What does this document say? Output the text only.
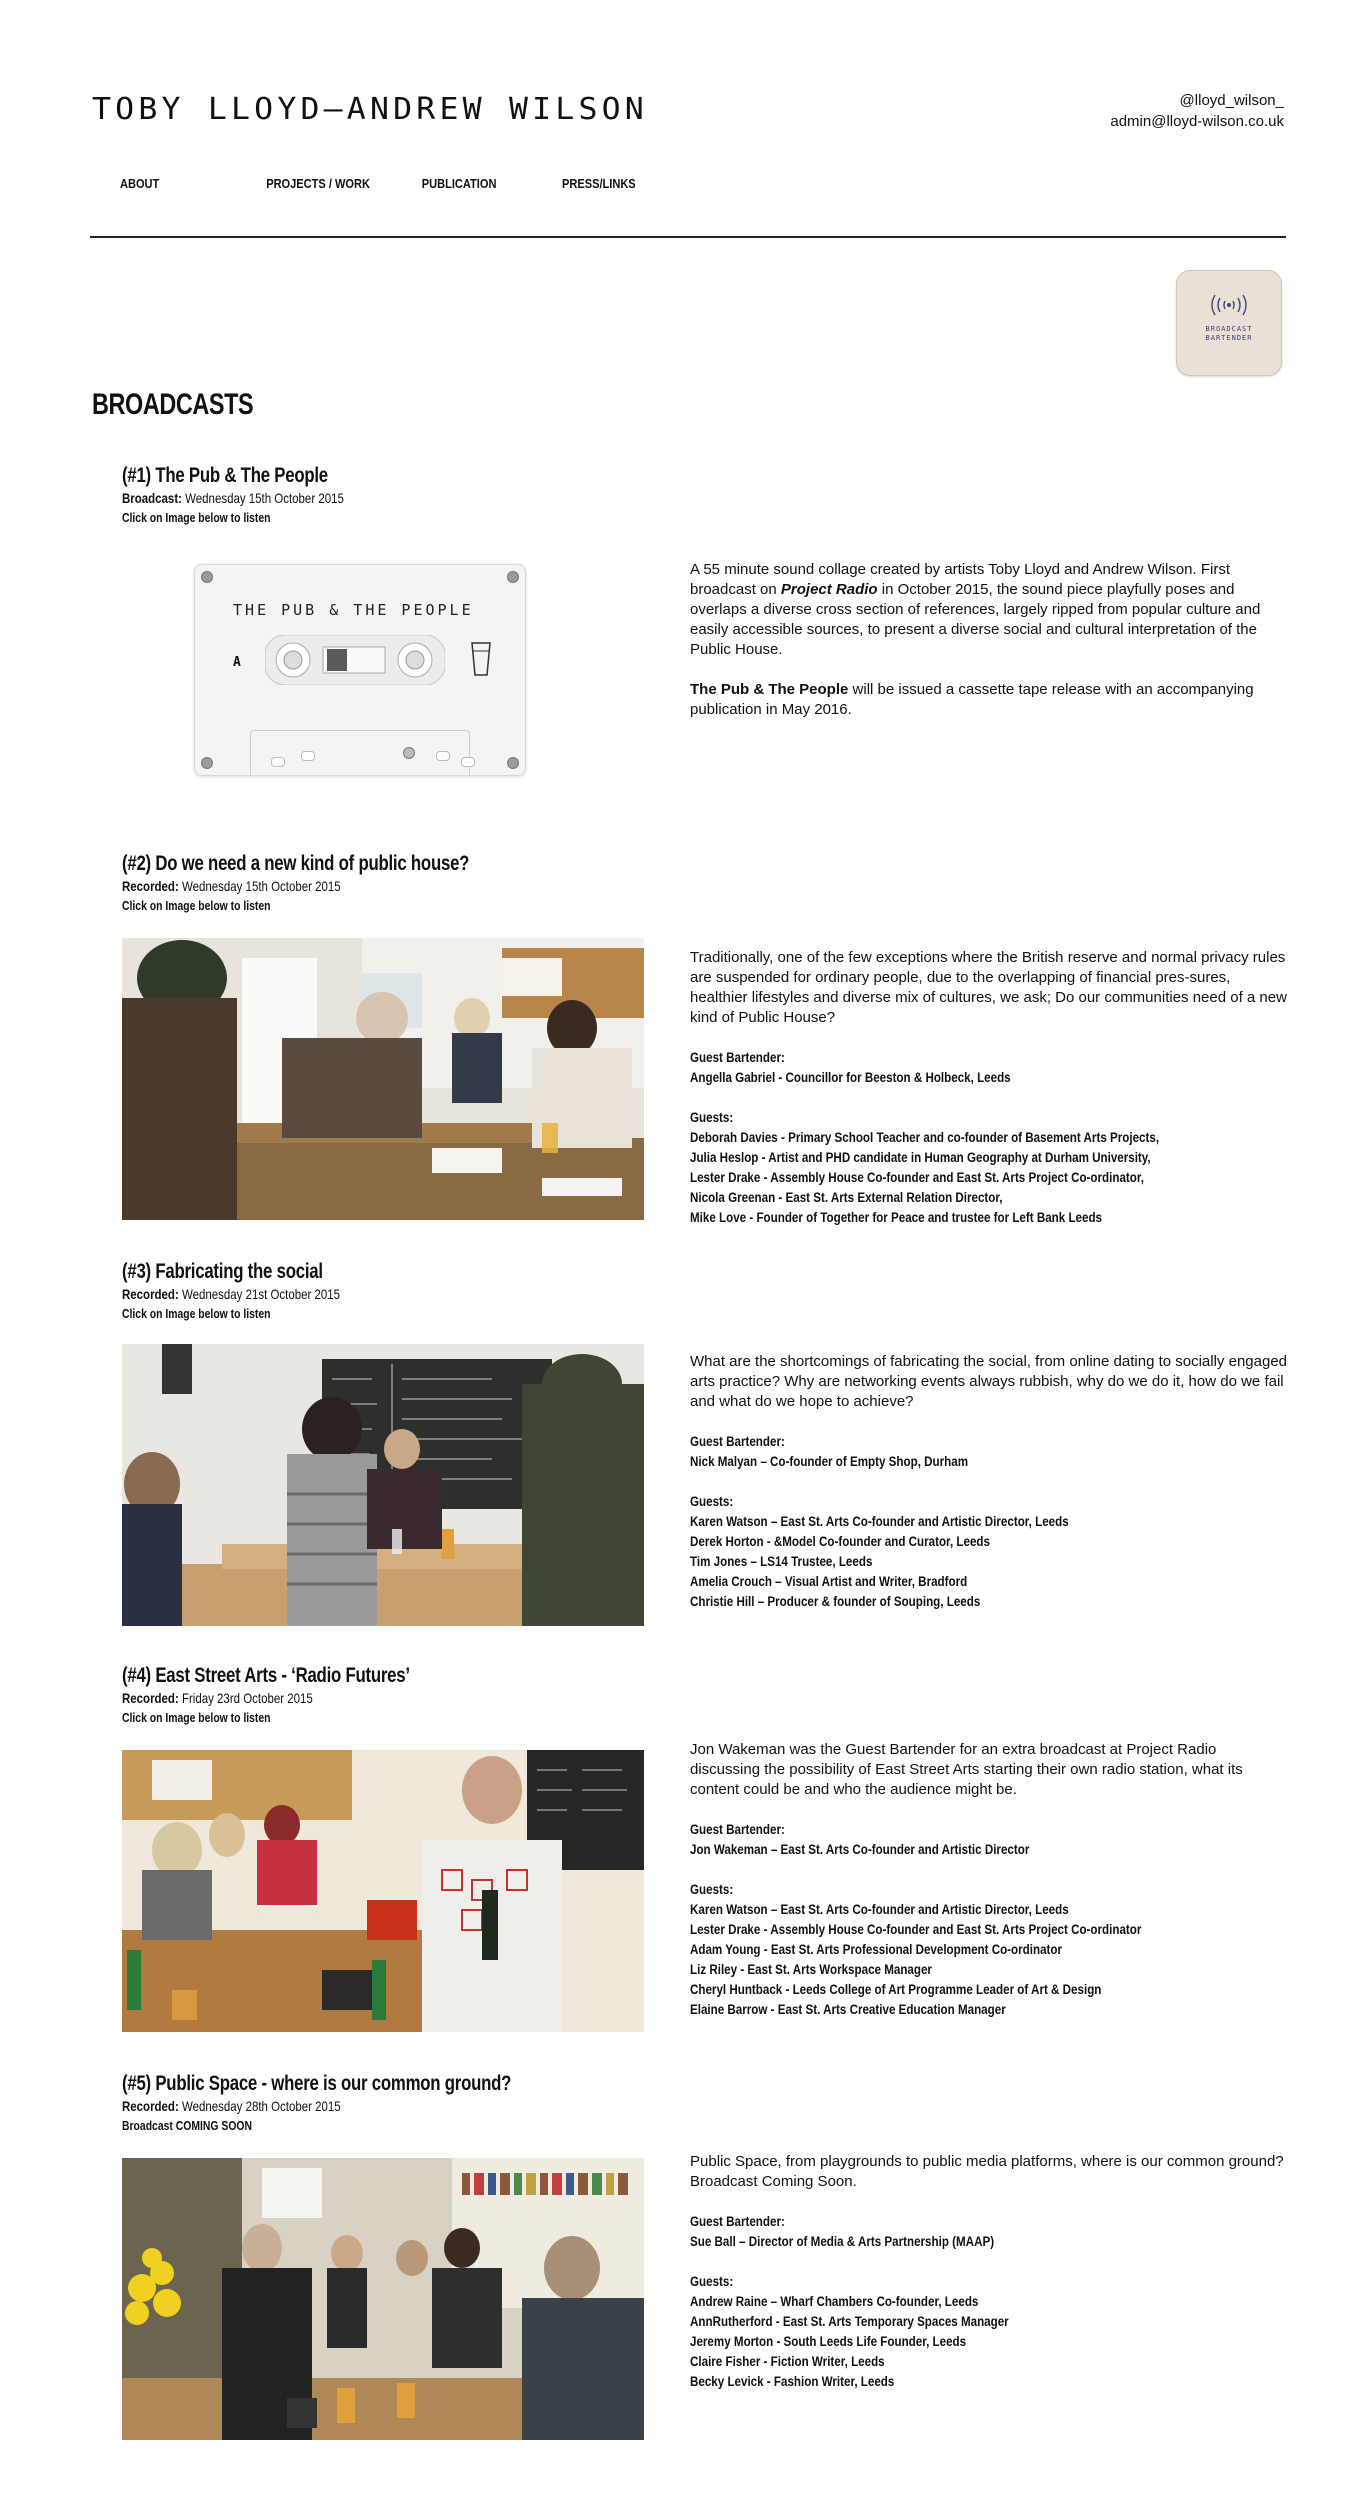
TOBY LLOYD—ANDREW WILSON	@lloyd_wilson_
admin@lloyd-wilson.co.uk
ABOUT	PROJECTS / WORK	PUBLICATION	PRESS/LINKS
BROADCAST
BARTENDER
BROADCASTS
(#1) The Pub & The People
Broadcast: Wednesday 15th October 2015
Click on Image below to listen
THE PUB & THE PEOPLE
A

A 55 minute sound collage created by artists Toby Lloyd and Andrew Wilson. First broadcast on Project Radio in October 2015, the sound piece playfully poses and overlaps a diverse cross section of references, largely ripped from popular culture and easily accessible sources, to present a diverse social and cultural interpretation of the Public House.

The Pub & The People will be issued a cassette tape release with an accompanying publication in May 2016.

(#2) Do we need a new kind of public house?
Recorded: Wednesday 15th October 2015
Click on Image below to listen

Traditionally, one of the few exceptions where the British reserve and normal privacy rules are suspended for ordinary people, due to the overlapping of financial pres-sures, healthier lifestyles and diverse mix of cultures, we ask; Do our communities need of a new kind of Public House?

Guest Bartender:
Angella Gabriel - Councillor for Beeston & Holbeck, Leeds
Guests:
Deborah Davies - Primary School Teacher and co-founder of Basement Arts Projects,
Julia Heslop - Artist and PHD candidate in Human Geography at Durham University,
Lester Drake - Assembly House Co-founder and East St. Arts Project Co-ordinator,
Nicola Greenan - East St. Arts External Relation Director,
Mike Love - Founder of Together for Peace and trustee for Left Bank Leeds
(#3) Fabricating the social
Recorded: Wednesday 21st October 2015
Click on Image below to listen

What are the shortcomings of fabricating the social, from online dating to socially engaged arts practice? Why are networking events always rubbish, why do we do it, how do we fail and what do we hope to achieve?

Guest Bartender:
Nick Malyan – Co-founder of Empty Shop, Durham
Guests:
Karen Watson – East St. Arts Co-founder and Artistic Director, Leeds
Derek Horton - &Model Co-founder and Curator, Leeds
Tim Jones – LS14 Trustee, Leeds
Amelia Crouch – Visual Artist and Writer, Bradford
Christie Hill – Producer & founder of Souping, Leeds
(#4) East Street Arts - ‘Radio Futures’
Recorded: Friday 23rd October 2015
Click on Image below to listen

Jon Wakeman was the Guest Bartender for an extra broadcast at Project Radio discussing the possibility of East Street Arts starting their own radio station, what its content could be and who the audience might be.

Guest Bartender:
Jon Wakeman – East St. Arts Co-founder and Artistic Director
Guests:
Karen Watson – East St. Arts Co-founder and Artistic Director, Leeds
Lester Drake - Assembly House Co-founder and East St. Arts Project Co-ordinator
Adam Young - East St. Arts Professional Development Co-ordinator
Liz Riley - East St. Arts Workspace Manager
Cheryl Huntback - Leeds College of Art Programme Leader of Art & Design
Elaine Barrow - East St. Arts Creative Education Manager
(#5) Public Space - where is our common ground?
Recorded: Wednesday 28th October 2015
Broadcast COMING SOON

Public Space, from playgrounds to public media platforms, where is our common ground? Broadcast Coming Soon.

Guest Bartender:
Sue Ball – Director of Media & Arts Partnership (MAAP)
Guests:
Andrew Raine – Wharf Chambers Co-founder, Leeds
AnnRutherford - East St. Arts Temporary Spaces Manager
Jeremy Morton - South Leeds Life Founder, Leeds
Claire Fisher - Fiction Writer, Leeds
Becky Levick - Fashion Writer, Leeds
